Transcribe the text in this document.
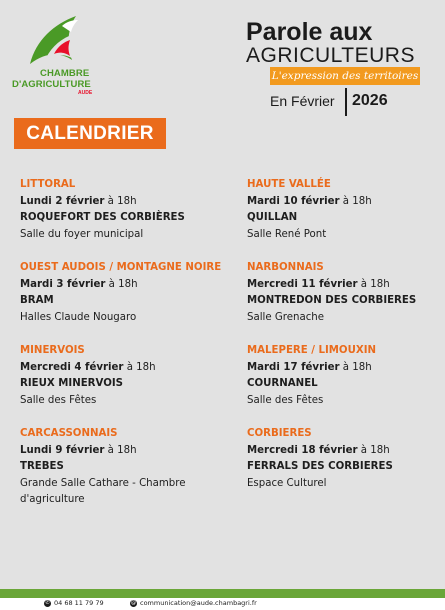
CHAMBRE
D'AGRICULTURE
AUDE
Parole aux
AGRICULTEURS
L'expression des territoires
En Février 2026
CALENDRIER
LITTORAL
Lundi 2 février à 18h
ROQUEFORT DES CORBIÈRES
Salle du foyer municipal
OUEST AUDOIS / MONTAGNE NOIRE
Mardi 3 février à 18h
BRAM
Halles Claude Nougaro
MINERVOIS
Mercredi 4 février à 18h
RIEUX MINERVOIS
Salle des Fêtes
CARCASSONNAIS
Lundi 9 février à 18h
TREBES
Grande Salle Cathare - Chambre d'agriculture
HAUTE VALLÉE
Mardi 10 février à 18h
QUILLAN
Salle René Pont
NARBONNAIS
Mercredi 11 février à 18h
MONTREDON DES CORBIERES
Salle Grenache
MALEPERE / LIMOUXIN
Mardi 17 février à 18h
COURNANEL
Salle des Fêtes
CORBIERES
Mercredi 18 février à 18h
FERRALS DES CORBIERES
Espace Culturel
✆ 04 68 11 79 79	@ communication@aude.chambagri.fr
